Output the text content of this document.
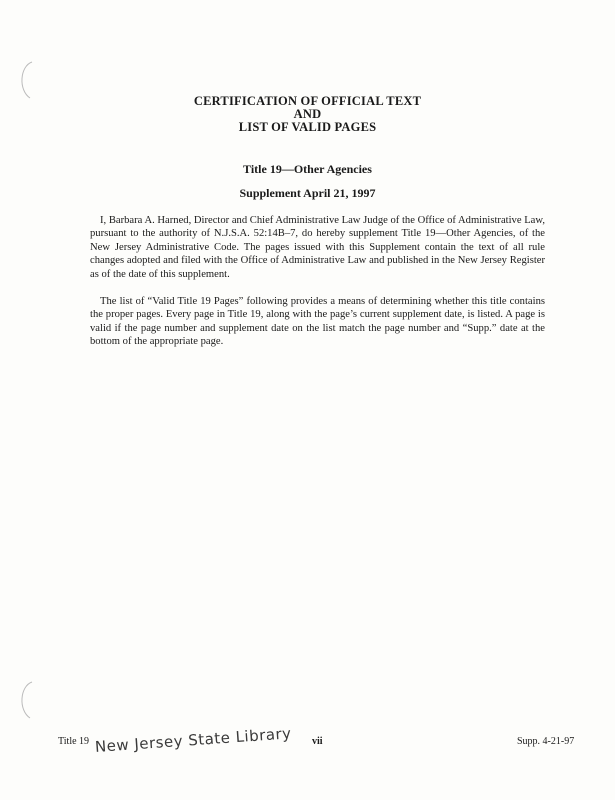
CERTIFICATION OF OFFICIAL TEXT
AND
LIST OF VALID PAGES
Title 19—Other Agencies
Supplement April 21, 1997

I, Barbara A. Harned, Director and Chief Administrative Law Judge of the Office of Administrative Law, pursuant to the authority of N.J.S.A. 52:14B–7, do hereby supplement Title 19—Other Agencies, of the New Jersey Administrative Code. The pages issued with this Supplement contain the text of all rule changes adopted and filed with the Office of Administrative Law and published in the New Jersey Register as of the date of this supplement.

The list of “Valid Title 19 Pages” following provides a means of determining whether this title contains the proper pages. Every page in Title 19, along with the page’s current supplement date, is listed. A page is valid if the page number and supplement date on the list match the page number and “Supp.” date at the bottom of the appropriate page.

Title 19 New Jersey State Library vii	Supp. 4-21-97
